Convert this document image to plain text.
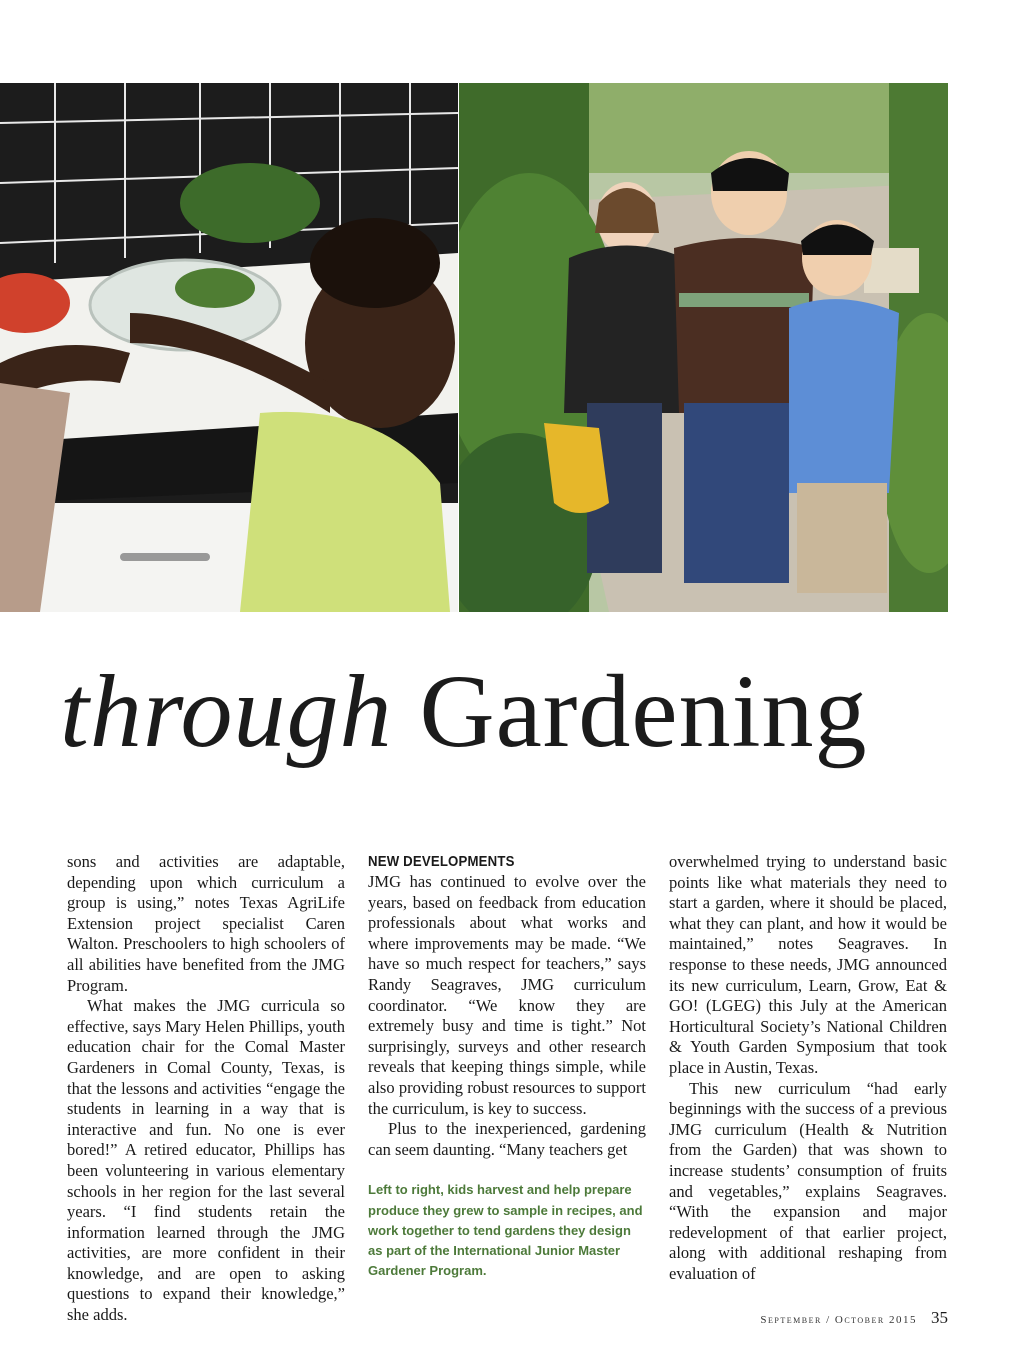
through Gardening

sons and activities are adaptable, depending upon which curriculum a group is using,” notes Texas AgriLife Extension project specialist Caren Walton. Preschoolers to high schoolers of all abilities have benefited from the JMG Program.

What makes the JMG curricula so effective, says Mary Helen Phillips, youth education chair for the Comal Master Gardeners in Comal County, Texas, is that the lessons and activities “engage the students in learning in a way that is interactive and fun. No one is ever bored!” A retired educator, Phillips has been volunteering in various elementary schools in her region for the last several years. “I find students retain the information learned through the JMG activities, are more confident in their knowledge, and are open to asking questions to expand their knowledge,” she adds.

NEW DEVELOPMENTS

JMG has continued to evolve over the years, based on feedback from education professionals about what works and where improvements may be made. “We have so much respect for teachers,” says Randy Seagraves, JMG curriculum coordinator. “We know they are extremely busy and time is tight.” Not surprisingly, surveys and other research reveals that keeping things simple, while also providing robust resources to support the curriculum, is key to success.

Plus to the inexperienced, gardening can seem daunting. “Many teachers get

Left to right, kids harvest and help prepare produce they grew to sample in recipes, and work together to tend gardens they design as part of the International Junior Master Gardener Program.

overwhelmed trying to understand basic points like what materials they need to start a garden, where it should be placed, what they can plant, and how it would be maintained,” notes Seagraves. In response to these needs, JMG announced its new curriculum, Learn, Grow, Eat & GO! (LGEG) this July at the American Horticultural Society’s National Children & Youth Garden Symposium that took place in Austin, Texas.

This new curriculum “had early beginnings with the success of a previous JMG curriculum (Health & Nutrition from the Garden) that was shown to increase students’ consumption of fruits and vegetables,” explains Seagraves. “With the expansion and major redevelopment of that earlier project, along with additional reshaping from evaluation of

September / October 2015 35
